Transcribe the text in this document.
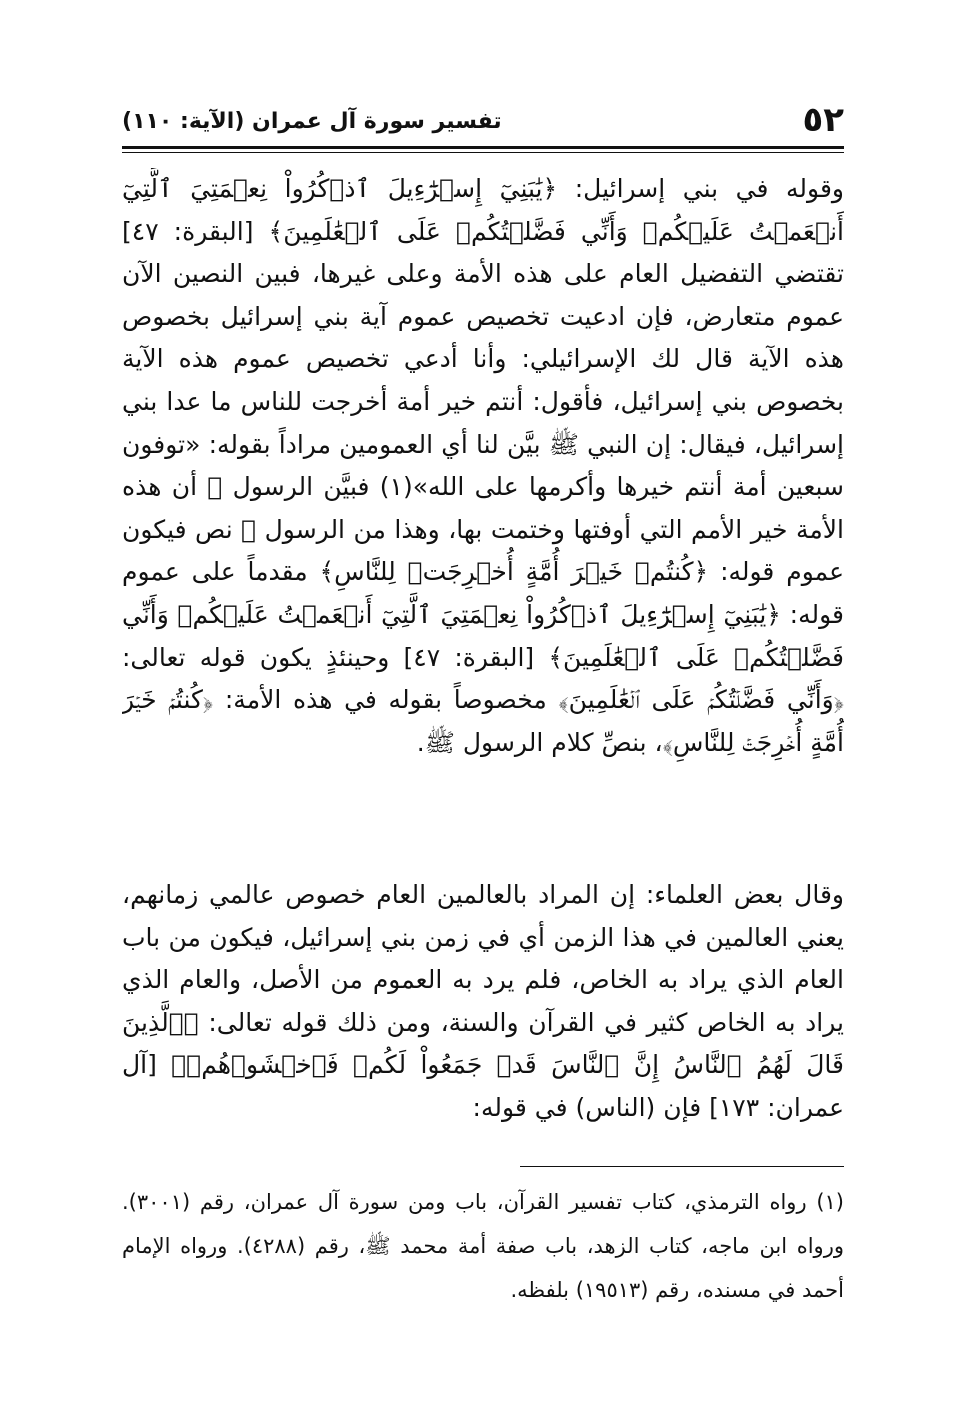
٥٢
تفسير سورة آل عمران (الآية: ١١٠)

وقوله في بني إسرائيل: ﴿يَٰبَنِيٓ إِسۡرَٰٓءِيلَ ٱذۡكُرُواْ نِعۡمَتِيَ ٱلَّتِيٓ أَنۡعَمۡتُ عَلَيۡكُمۡ وَأَنِّي فَضَّلۡتُكُمۡ عَلَى ٱلۡعَٰلَمِينَ﴾ [البقرة: ٤٧] تقتضي التفضيل العام على هذه الأمة وعلى غيرها، فبين النصين الآن عموم متعارض، فإن ادعيت تخصيص عموم آية بني إسرائيل بخصوص هذه الآية قال لك الإسرائيلي: وأنا أدعي تخصيص عموم هذه الآية بخصوص بني إسرائيل، فأقول: أنتم خير أمة أخرجت للناس ما عدا بني إسرائيل، فيقال: إن النبي ﷺ بيَّن لنا أي العمومين مراداً بقوله: «توفون سبعين أمة أنتم خيرها وأكرمها على الله»(١) فبيَّن الرسول ﷺ أن هذه الأمة خير الأمم التي أوفتها وختمت بها، وهذا من الرسول ﷺ نص فيكون عموم قوله: ﴿كُنتُمۡ خَيۡرَ أُمَّةٍ أُخۡرِجَتۡ لِلنَّاسِ﴾ مقدماً على عموم قوله: ﴿يَٰبَنِيٓ إِسۡرَٰٓءِيلَ ٱذۡكُرُواْ نِعۡمَتِيَ ٱلَّتِيٓ أَنۡعَمۡتُ عَلَيۡكُمۡ وَأَنِّي فَضَّلۡتُكُمۡ عَلَى ٱلۡعَٰلَمِينَ﴾ [البقرة: ٤٧] وحينئذٍ يكون قوله تعالى: ﴿وَأَنِّي فَضَّلۡتُكُمۡ عَلَى ٱلۡعَٰلَمِينَ﴾ مخصوصاً بقوله في هذه الأمة: ﴿كُنتُمۡ خَيۡرَ أُمَّةٍ أُخۡرِجَتۡ لِلنَّاسِ﴾، بنصِّ كلام الرسول ﷺ.

وقال بعض العلماء: إن المراد بالعالمين العام خصوص عالمي زمانهم، يعني العالمين في هذا الزمن أي في زمن بني إسرائيل، فيكون من باب العام الذي يراد به الخاص، فلم يرد به العموم من الأصل، والعام الذي يراد به الخاص كثير في القرآن والسنة، ومن ذلك قوله تعالى: ﴿ٱلَّذِينَ قَالَ لَهُمُ ٱلنَّاسُ إِنَّ ٱلنَّاسَ قَدۡ جَمَعُواْ لَكُمۡ فَٱخۡشَوۡهُمۡ﴾ [آل عمران: ١٧٣] فإن (الناس) في قوله:

(١) رواه الترمذي، كتاب تفسير القرآن، باب ومن سورة آل عمران، رقم (٣٠٠١). ورواه ابن ماجه، كتاب الزهد، باب صفة أمة محمد ﷺ، رقم (٤٢٨٨). ورواه الإمام أحمد في مسنده، رقم (١٩٥١٣) بلفظه.
